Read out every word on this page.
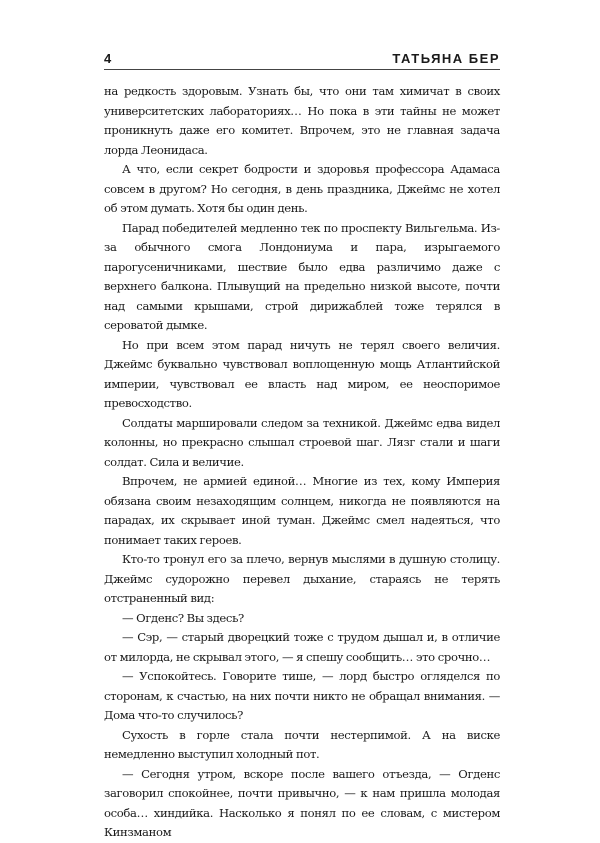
4	ТАТЬЯНА БЕР

на редкость здоровым. Узнать бы, что они там химичат в своих университетских лабораториях… Но пока в эти тайны не может проникнуть даже его комитет. Впрочем, это не главная задача лорда Леонидаса.

А что, если секрет бодрости и здоровья профессора Адамаса совсем в другом? Но сегодня, в день праздника, Джеймс не хотел об этом думать. Хотя бы один день.

Парад победителей медленно тек по проспекту Вильгельма. Из-за обычного смога Лондониума и пара, изрыгаемого парогусеничниками, шествие было едва различимо даже с верхнего балкона. Плывущий на предельно низкой высоте, почти над самыми крышами, строй дирижаблей тоже терялся в сероватой дымке.

Но при всем этом парад ничуть не терял своего величия. Джеймс буквально чувствовал воплощенную мощь Атлантийской империи, чувствовал ее власть над миром, ее неоспоримое превосходство.

Солдаты маршировали следом за техникой. Джеймс едва видел колонны, но прекрасно слышал строевой шаг. Лязг стали и шаги солдат. Сила и величие.

Впрочем, не армией единой… Многие из тех, кому Империя обязана своим незаходящим солнцем, никогда не появляются на парадах, их скрывает иной туман. Джеймс смел надеяться, что понимает таких героев.

Кто-то тронул его за плечо, вернув мыслями в душную столицу. Джеймс судорожно перевел дыхание, стараясь не терять отстраненный вид:

— Огденс? Вы здесь?

— Сэр, — старый дворецкий тоже с трудом дышал и, в отличие от милорда, не скрывал этого, — я спешу сообщить… это срочно…

— Успокойтесь. Говорите тише, — лорд быстро огляделся по сторонам, к счастью, на них почти никто не обращал внимания. — Дома что-то случилось?

Сухость в горле стала почти нестерпимой. А на виске немедленно выступил холодный пот.

— Сегодня утром, вскоре после вашего отъезда, — Огденс заговорил спокойнее, почти привычно, — к нам пришла молодая особа… хиндийка. Насколько я понял по ее словам, с мистером Кинзманом
